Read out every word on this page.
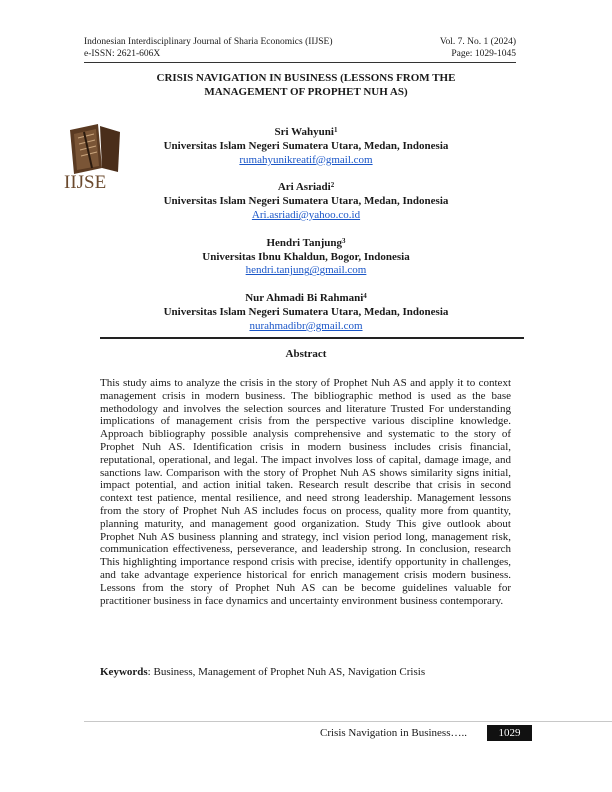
Indonesian Interdisciplinary Journal of Sharia Economics (IIJSE)
e-ISSN: 2621-606X
Vol. 7. No. 1 (2024)
Page: 1029-1045
CRISIS NAVIGATION IN BUSINESS (LESSONS FROM THE
MANAGEMENT OF PROPHET NUH AS)
IIJSE
Sri Wahyuni$^1$
Universitas Islam Negeri Sumatera Utara, Medan, Indonesia
rumahyunikreatif@gmail.com
Ari Asriadi$^2$
Universitas Islam Negeri Sumatera Utara, Medan, Indonesia
Ari.asriadi@yahoo.co.id
Hendri Tanjung$^3$
Universitas Ibnu Khaldun, Bogor, Indonesia
hendri.tanjung@gmail.com
Nur Ahmadi Bi Rahmani$^4$
Universitas Islam Negeri Sumatera Utara, Medan, Indonesia
nurahmadibr@gmail.com
Abstract
This study aims to analyze the crisis in the story of Prophet Nuh AS and apply it to context management crisis in modern business. The bibliographic method is used as the base methodology and involves the selection sources and literature Trusted For understanding implications of management crisis from the perspective various discipline knowledge. Approach bibliography possible analysis comprehensive and systematic to the story of Prophet Nuh AS. Identification crisis in modern business includes crisis financial, reputational, operational, and legal. The impact involves loss of capital, damage image, and sanctions law. Comparison with the story of Prophet Nuh AS shows similarity signs initial, impact potential, and action initial taken. Research result describe that crisis in second context test patience, mental resilience, and need strong leadership. Management lessons from the story of Prophet Nuh AS includes focus on process, quality more from quantity, planning maturity, and management good organization. Study This give outlook about Prophet Nuh AS business planning and strategy, incl vision period long, management risk, communication effectiveness, perseverance, and leadership strong. In conclusion, research This highlighting importance respond crisis with precise, identify opportunity in challenges, and take advantage experience historical for enrich management crisis modern business. Lessons from the story of Prophet Nuh AS can be become guidelines valuable for practitioner business in face dynamics and uncertainty environment business contemporary.
Keywords: Business, Management of Prophet Nuh AS, Navigation Crisis
Crisis Navigation in Business…..	1029
